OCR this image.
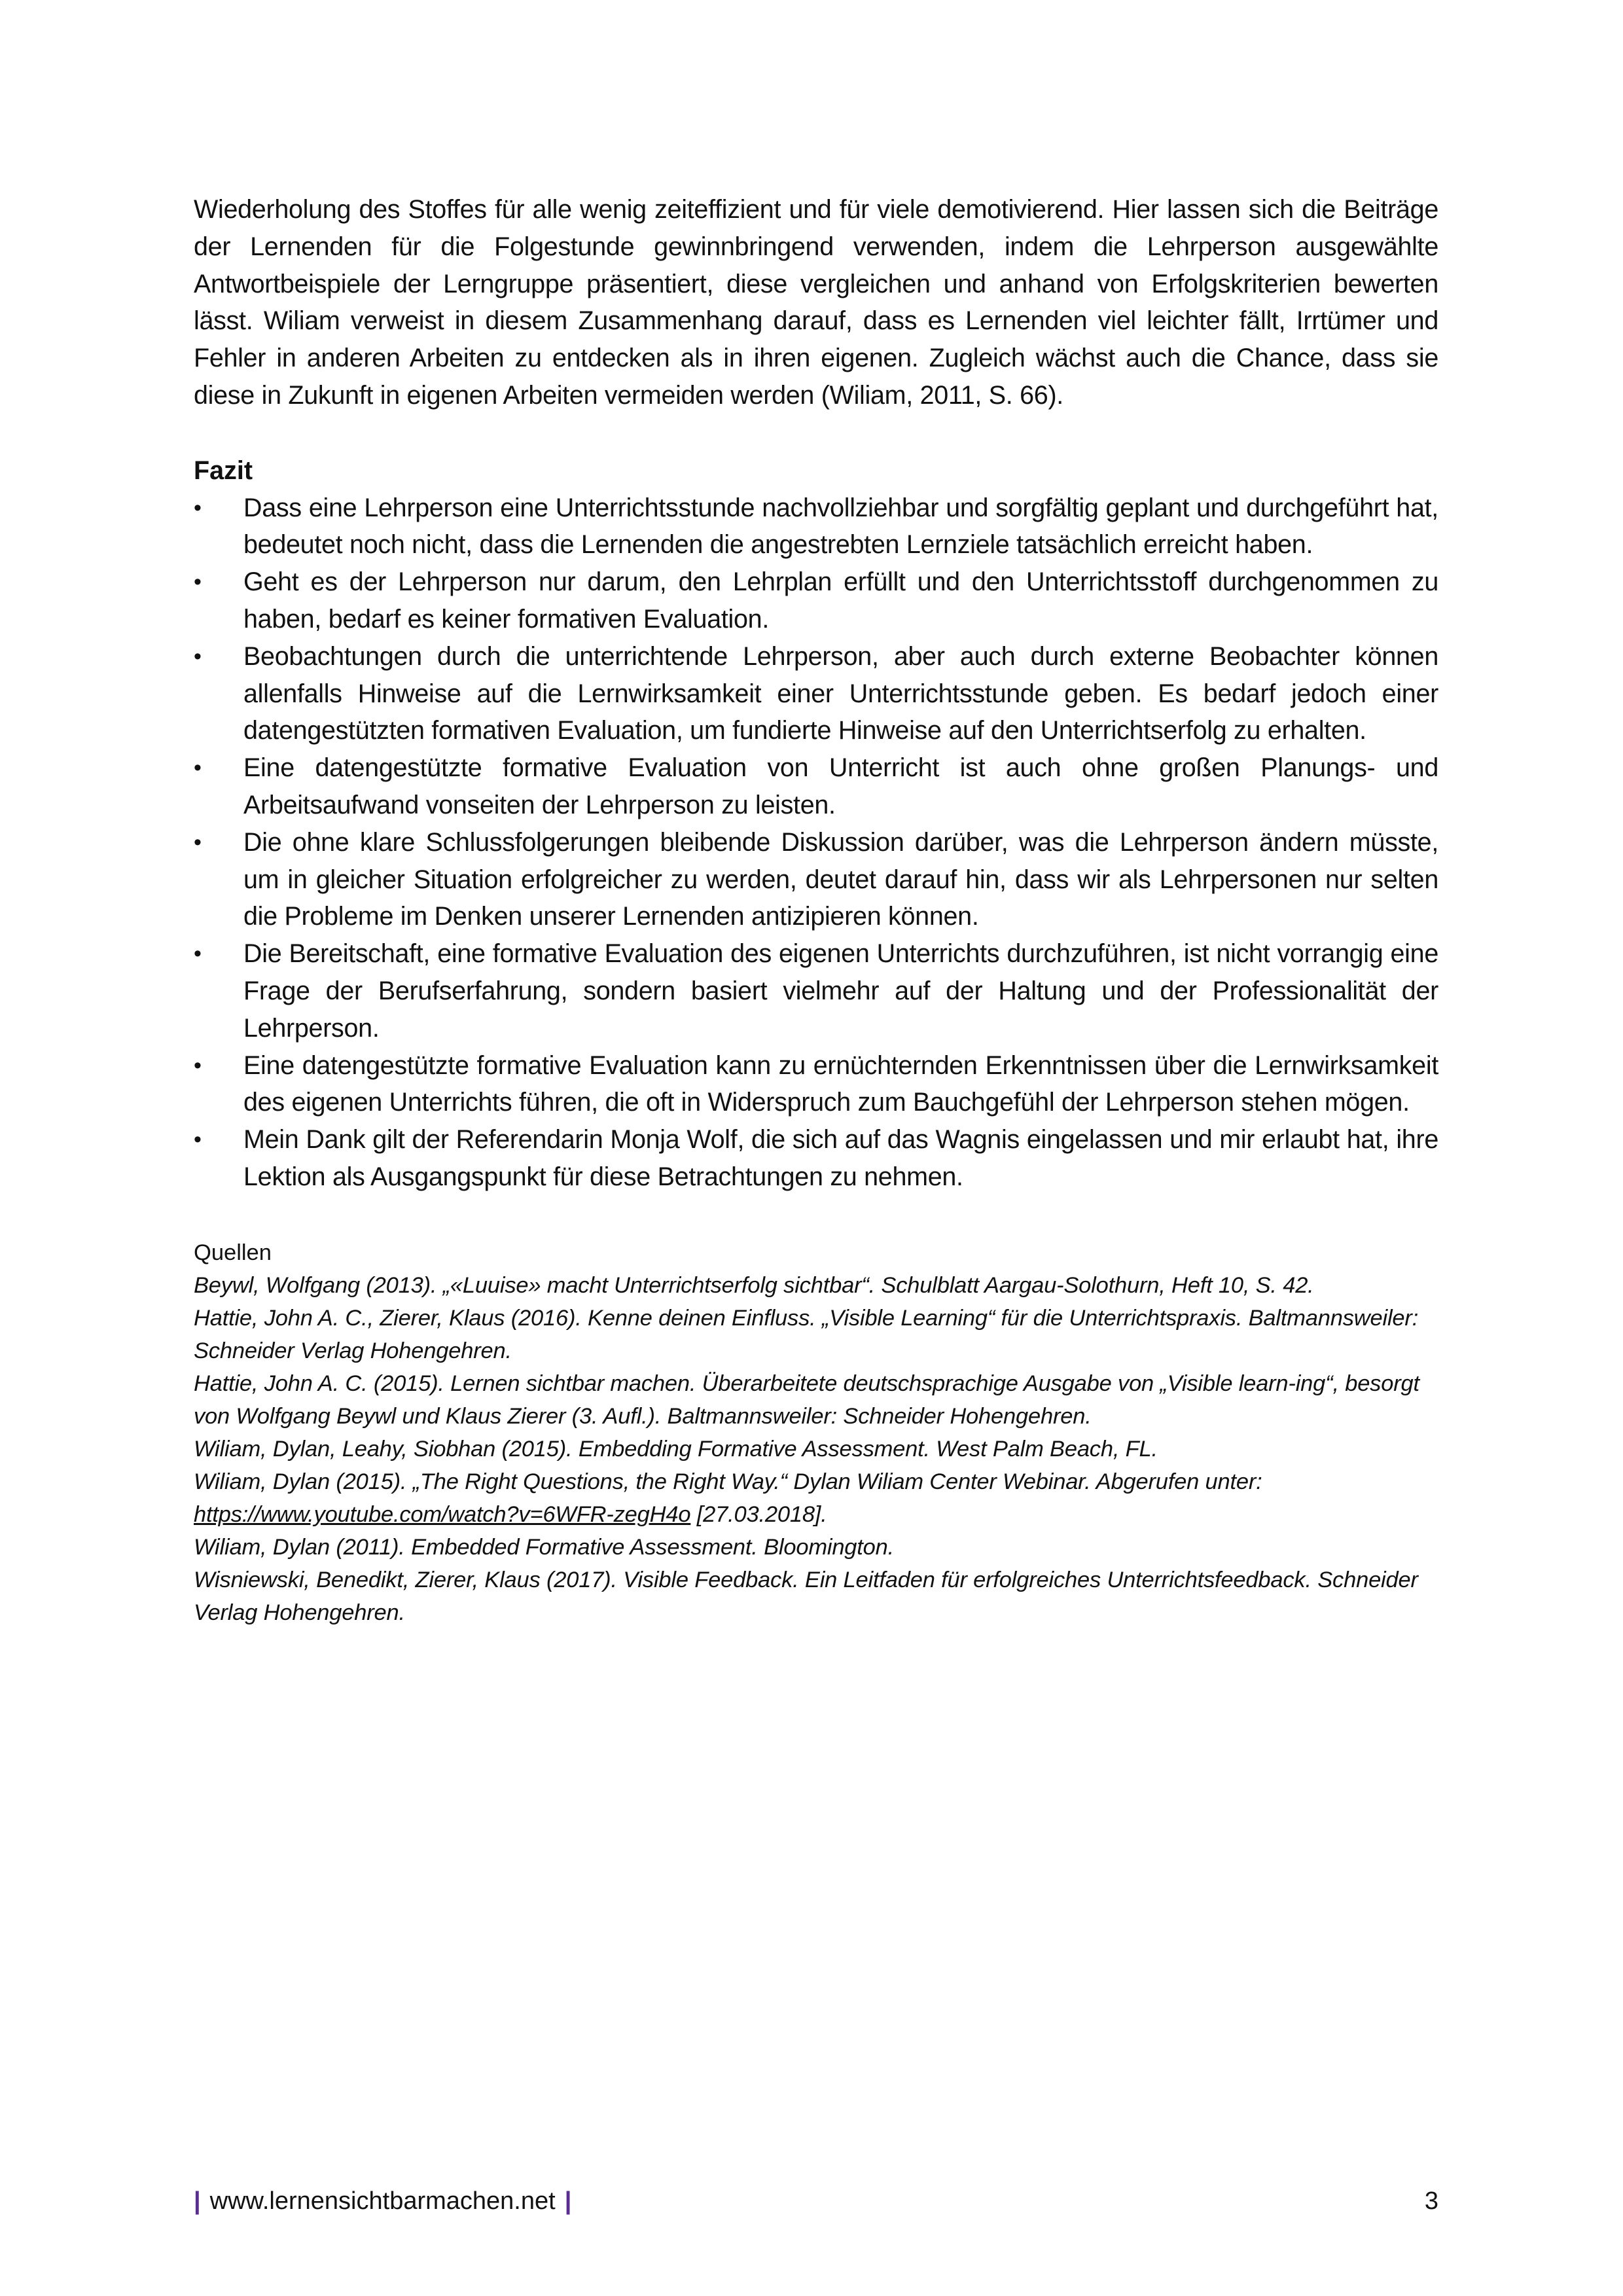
Wiederholung des Stoffes für alle wenig zeiteffizient und für viele demotivierend. Hier lassen sich die Beiträge der Lernenden für die Folgestunde gewinnbringend verwenden, indem die Lehrperson ausgewählte Antwortbeispiele der Lerngruppe präsentiert, diese vergleichen und anhand von Erfolgskriterien bewerten lässt. Wiliam verweist in diesem Zusammenhang darauf, dass es Lernenden viel leichter fällt, Irrtümer und Fehler in anderen Arbeiten zu entdecken als in ihren eigenen. Zugleich wächst auch die Chance, dass sie diese in Zukunft in eigenen Arbeiten vermeiden werden (Wiliam, 2011, S. 66).

Fazit
• Dass eine Lehrperson eine Unterrichtsstunde nachvollziehbar und sorgfältig geplant und durchgeführt hat, bedeutet noch nicht, dass die Lernenden die angestrebten Lernziele tatsächlich erreicht haben.
• Geht es der Lehrperson nur darum, den Lehrplan erfüllt und den Unterrichtsstoff durchgenommen zu haben, bedarf es keiner formativen Evaluation.
• Beobachtungen durch die unterrichtende Lehrperson, aber auch durch externe Beobachter können allenfalls Hinweise auf die Lernwirksamkeit einer Unterrichtsstunde geben. Es bedarf jedoch einer datengestützten formativen Evaluation, um fundierte Hinweise auf den Unterrichtserfolg zu erhalten.
• Eine datengestützte formative Evaluation von Unterricht ist auch ohne großen Planungs- und Arbeitsaufwand vonseiten der Lehrperson zu leisten.
• Die ohne klare Schlussfolgerungen bleibende Diskussion darüber, was die Lehrperson ändern müsste, um in gleicher Situation erfolgreicher zu werden, deutet darauf hin, dass wir als Lehrpersonen nur selten die Probleme im Denken unserer Lernenden antizipieren können.
• Die Bereitschaft, eine formative Evaluation des eigenen Unterrichts durchzuführen, ist nicht vorrangig eine Frage der Berufserfahrung, sondern basiert vielmehr auf der Haltung und der Professionalität der Lehrperson.
• Eine datengestützte formative Evaluation kann zu ernüchternden Erkenntnissen über die Lernwirksamkeit des eigenen Unterrichts führen, die oft in Widerspruch zum Bauchgefühl der Lehrperson stehen mögen.
• Mein Dank gilt der Referendarin Monja Wolf, die sich auf das Wagnis eingelassen und mir erlaubt hat, ihre Lektion als Ausgangspunkt für diese Betrachtungen zu nehmen.
Quellen

Beywl, Wolfgang (2013). „«Luuise» macht Unterrichtserfolg sichtbar“. Schulblatt Aargau-Solothurn, Heft 10, S. 42.

Hattie, John A. C., Zierer, Klaus (2016). Kenne deinen Einfluss. „Visible Learning“ für die Unterrichtspraxis. Baltmannsweiler: Schneider Verlag Hohengehren.

Hattie, John A. C. (2015). Lernen sichtbar machen. Überarbeitete deutschsprachige Ausgabe von „Visible learn-ing“, besorgt von Wolfgang Beywl und Klaus Zierer (3. Aufl.). Baltmannsweiler: Schneider Hohengehren.

Wiliam, Dylan, Leahy, Siobhan (2015). Embedding Formative Assessment. West Palm Beach, FL.

Wiliam, Dylan (2015). „The Right Questions, the Right Way.“ Dylan Wiliam Center Webinar. Abgerufen unter:
https://www.youtube.com/watch?v=6WFR-zegH4o [27.03.2018].

Wiliam, Dylan (2011). Embedded Formative Assessment. Bloomington.

Wisniewski, Benedikt, Zierer, Klaus (2017). Visible Feedback. Ein Leitfaden für erfolgreiches Unterrichtsfeedback. Schneider Verlag Hohengehren.

| www.lernensichtbarmachen.net |	3
